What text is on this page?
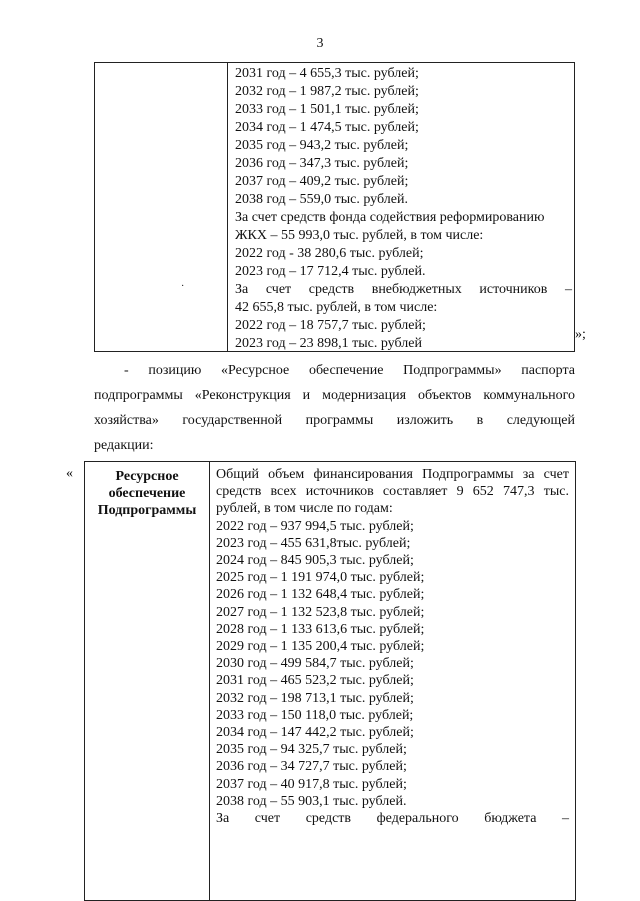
3
·
2031 год – 4 655,3 тыс. рублей;
2032 год – 1 987,2 тыс. рублей;
2033 год – 1 501,1 тыс. рублей;
2034 год – 1 474,5 тыс. рублей;
2035 год – 943,2 тыс. рублей;
2036 год – 347,3 тыс. рублей;
2037 год – 409,2 тыс. рублей;
2038 год – 559,0 тыс. рублей.
За счет средств фонда содействия реформированию
ЖКХ – 55 993,0 тыс. рублей, в том числе:
2022 год - 38 280,6 тыс. рублей;
2023 год – 17 712,4 тыс. рублей.
За счет средств внебюджетных источников –
42 655,8 тыс. рублей, в том числе:
2022 год – 18 757,7 тыс. рублей;
2023 год – 23 898,1 тыс. рублей
»;
- позицию «Ресурсное обеспечение Подпрограммы» паспорта
подпрограммы «Реконструкция и модернизация объектов коммунального
хозяйства» государственной программы изложить в следующей
редакции:
«	Ресурсное
обеспечение
Подпрограммы
Общий объем финансирования Подпрограммы за счет
средств всех источников составляет 9 652 747,3 тыс.
рублей, в том числе по годам:
2022 год – 937 994,5 тыс. рублей;
2023 год – 455 631,8тыс. рублей;
2024 год – 845 905,3 тыс. рублей;
2025 год – 1 191 974,0 тыс. рублей;
2026 год – 1 132 648,4 тыс. рублей;
2027 год – 1 132 523,8 тыс. рублей;
2028 год – 1 133 613,6 тыс. рублей;
2029 год – 1 135 200,4 тыс. рублей;
2030 год – 499 584,7 тыс. рублей;
2031 год – 465 523,2 тыс. рублей;
2032 год – 198 713,1 тыс. рублей;
2033 год – 150 118,0 тыс. рублей;
2034 год – 147 442,2 тыс. рублей;
2035 год – 94 325,7 тыс. рублей;
2036 год – 34 727,7 тыс. рублей;
2037 год – 40 917,8 тыс. рублей;
2038 год – 55 903,1 тыс. рублей.
За счет средств федерального бюджета –
